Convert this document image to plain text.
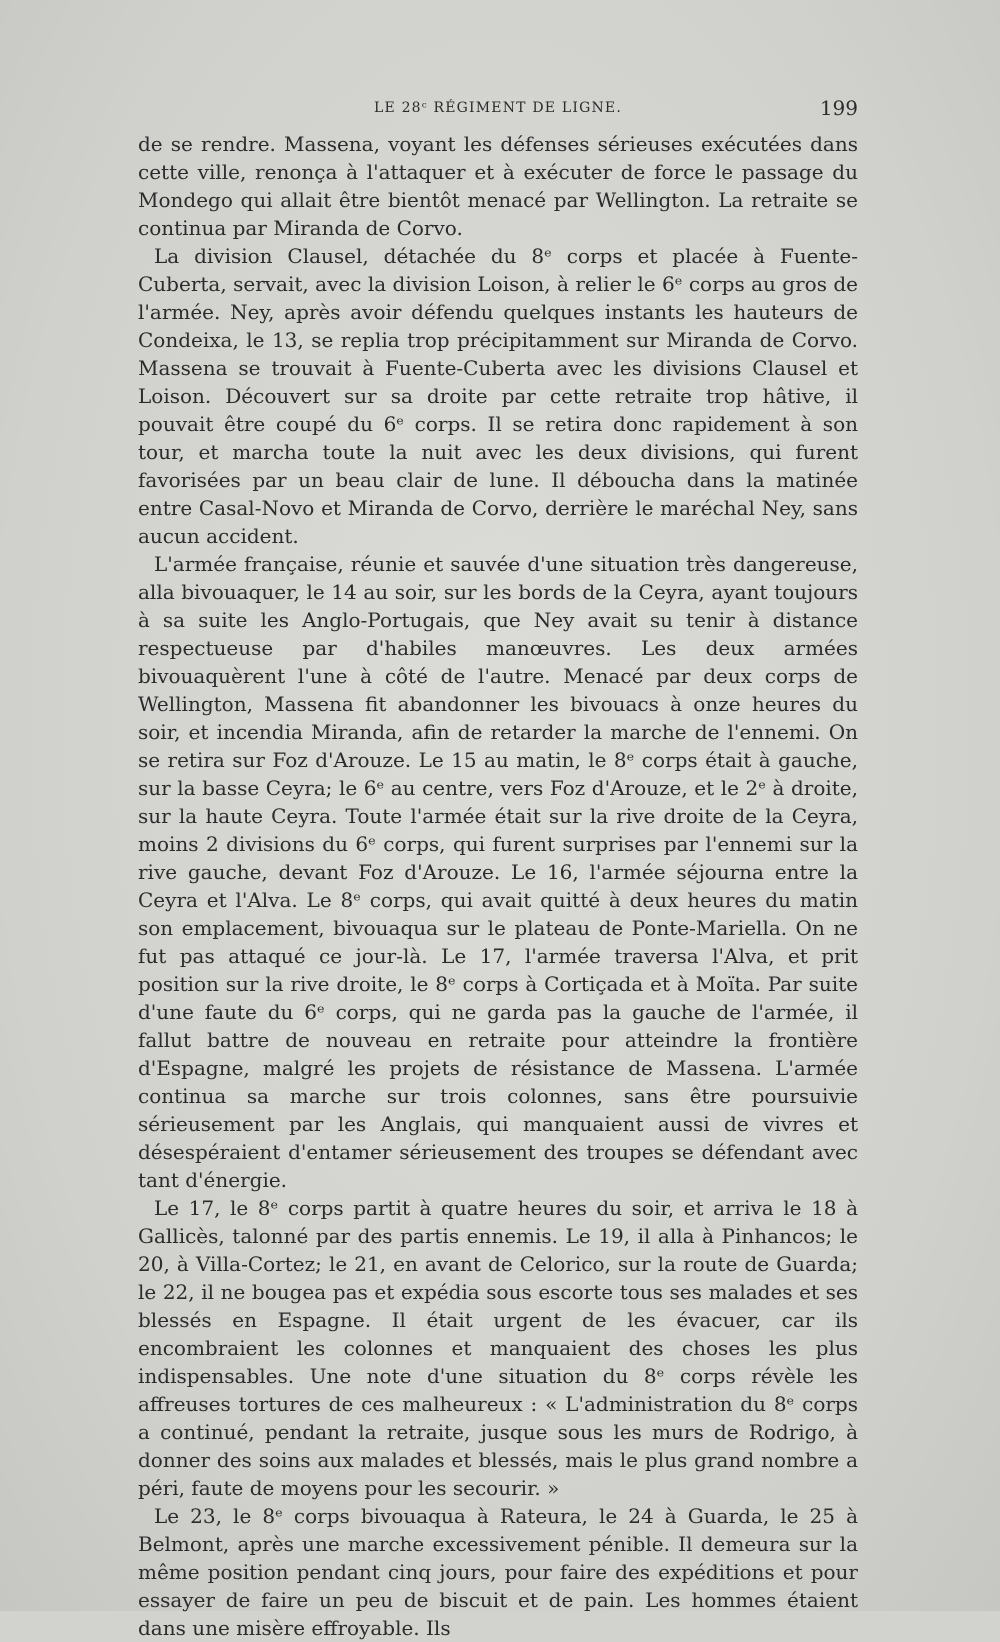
LE 28ᶜ RÉGIMENT DE LIGNE.	199

de se rendre. Massena, voyant les défenses sérieuses exécutées dans cette ville, renonça à l'attaquer et à exécuter de force le passage du Mondego qui allait être bientôt menacé par Wellington. La retraite se continua par Miranda de Corvo.

La division Clausel, détachée du 8ᵉ corps et placée à Fuente-Cuberta, servait, avec la division Loison, à relier le 6ᵉ corps au gros de l'armée. Ney, après avoir défendu quelques instants les hauteurs de Condeixa, le 13, se replia trop précipitamment sur Miranda de Corvo. Massena se trouvait à Fuente-Cuberta avec les divisions Clausel et Loison. Découvert sur sa droite par cette retraite trop hâtive, il pouvait être coupé du 6ᵉ corps. Il se retira donc rapidement à son tour, et marcha toute la nuit avec les deux divisions, qui furent favorisées par un beau clair de lune. Il déboucha dans la matinée entre Casal-Novo et Miranda de Corvo, derrière le maréchal Ney, sans aucun accident.

L'armée française, réunie et sauvée d'une situation très dangereuse, alla bivouaquer, le 14 au soir, sur les bords de la Ceyra, ayant toujours à sa suite les Anglo-Portugais, que Ney avait su tenir à distance respectueuse par d'habiles manœuvres. Les deux armées bivouaquèrent l'une à côté de l'autre. Menacé par deux corps de Wellington, Massena fit abandonner les bivouacs à onze heures du soir, et incendia Miranda, afin de retarder la marche de l'ennemi. On se retira sur Foz d'Arouze. Le 15 au matin, le 8ᵉ corps était à gauche, sur la basse Ceyra; le 6ᵉ au centre, vers Foz d'Arouze, et le 2ᵉ à droite, sur la haute Ceyra. Toute l'armée était sur la rive droite de la Ceyra, moins 2 divisions du 6ᵉ corps, qui furent surprises par l'ennemi sur la rive gauche, devant Foz d'Arouze. Le 16, l'armée séjourna entre la Ceyra et l'Alva. Le 8ᵉ corps, qui avait quitté à deux heures du matin son emplacement, bivouaqua sur le plateau de Ponte-Mariella. On ne fut pas attaqué ce jour-là. Le 17, l'armée traversa l'Alva, et prit position sur la rive droite, le 8ᵉ corps à Cortiçada et à Moïta. Par suite d'une faute du 6ᵉ corps, qui ne garda pas la gauche de l'armée, il fallut battre de nouveau en retraite pour atteindre la frontière d'Espagne, malgré les projets de résistance de Massena. L'armée continua sa marche sur trois colonnes, sans être poursuivie sérieusement par les Anglais, qui manquaient aussi de vivres et désespéraient d'entamer sérieusement des troupes se défendant avec tant d'énergie.

Le 17, le 8ᵉ corps partit à quatre heures du soir, et arriva le 18 à Gallicès, talonné par des partis ennemis. Le 19, il alla à Pinhancos; le 20, à Villa-Cortez; le 21, en avant de Celorico, sur la route de Guarda; le 22, il ne bougea pas et expédia sous escorte tous ses malades et ses blessés en Espagne. Il était urgent de les évacuer, car ils encombraient les colonnes et manquaient des choses les plus indispensables. Une note d'une situation du 8ᵉ corps révèle les affreuses tortures de ces malheureux : « L'administration du 8ᵉ corps a continué, pendant la retraite, jusque sous les murs de Rodrigo, à donner des soins aux malades et blessés, mais le plus grand nombre a péri, faute de moyens pour les secourir. »

Le 23, le 8ᵉ corps bivouaqua à Rateura, le 24 à Guarda, le 25 à Belmont, après une marche excessivement pénible. Il demeura sur la même position pendant cinq jours, pour faire des expéditions et pour essayer de faire un peu de biscuit et de pain. Les hommes étaient dans une misère effroyable. Ils
